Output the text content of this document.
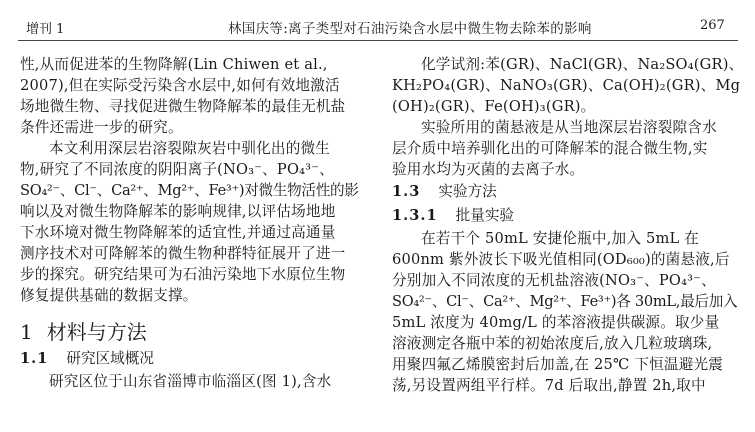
增刊 1	林国庆等:离子类型对石油污染含水层中微生物去除苯的影响	267
性,从而促进苯的生物降解(Lin Chiwen et al.,
2007),但在实际受污染含水层中,如何有效地激活
场地微生物、寻找促进微生物降解苯的最佳无机盐
条件还需进一步的研究。
本文利用深层岩溶裂隙灰岩中驯化出的微生
物,研究了不同浓度的阴阳离子(NO₃⁻、PO₄³⁻、
SO₄²⁻、Cl⁻、Ca²⁺、Mg²⁺、Fe³⁺)对微生物活性的影
响以及对微生物降解苯的影响规律,以评估场地地
下水环境对微生物降解苯的适宜性,并通过高通量
测序技术对可降解苯的微生物种群特征展开了进一
步的探究。研究结果可为石油污染地下水原位生物
修复提供基础的数据支撑。
1 材料与方法
1.1 研究区域概况
研究区位于山东省淄博市临淄区(图 1),含水
化学试剂:苯(GR)、NaCl(GR)、Na₂SO₄(GR)、
KH₂PO₄(GR)、NaNO₃(GR)、Ca(OH)₂(GR)、Mg
(OH)₂(GR)、Fe(OH)₃(GR)。
实验所用的菌悬液是从当地深层岩溶裂隙含水
层介质中培养驯化出的可降解苯的混合微生物,实
验用水均为灭菌的去离子水。
1.3 实验方法
1.3.1 批量实验
在若干个 50mL 安捷伦瓶中,加入 5mL 在
600nm 紫外波长下吸光值相同(OD₆₀₀)的菌悬液,后
分别加入不同浓度的无机盐溶液(NO₃⁻、PO₄³⁻、
SO₄²⁻、Cl⁻、Ca²⁺、Mg²⁺、Fe³⁺)各 30mL,最后加入
5mL 浓度为 40mg/L 的苯溶液提供碳源。取少量
溶液测定各瓶中苯的初始浓度后,放入几粒玻璃珠,
用聚四氟乙烯膜密封后加盖,在 25℃ 下恒温避光震
荡,另设置两组平行样。7d 后取出,静置 2h,取中
